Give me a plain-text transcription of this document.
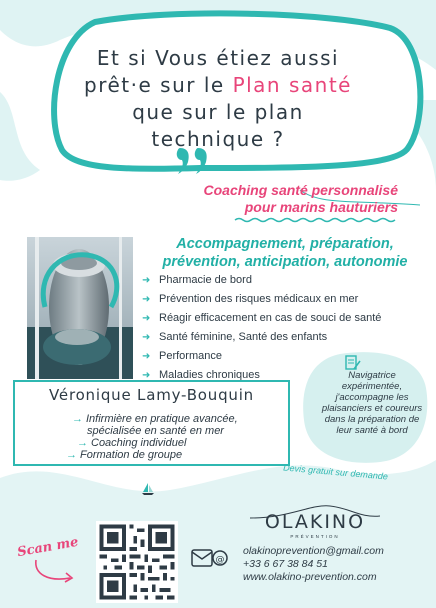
Et si Vous étiez aussi
prêt·e sur le Plan santé
que sur le plan
technique ?
Coaching santé personnalisé
pour marins hauturiers
Accompagnement, préparation,
prévention, anticipation, autonomie
➜ Pharmacie de bord
➜ Prévention des risques médicaux en mer
➜ Réagir efficacement en cas de souci de santé
➜ Santé féminine, Santé des enfants
➜ Performance
➜ Maladies chroniques
Véronique Lamy-Bouquin
→ Infirmière en pratique avancée,
spécialisée en santé en mer
→ Coaching individuel
→ Formation de groupe
Navigatrice
expérimentée,
j'accompagne les
plaisanciers et coureurs
dans la préparation de
leur santé à bord
Devis gratuit sur demande
OLAKINO
PRÉVENTION
Scan me	@
olakinoprevention@gmail.com
+33 6 67 38 84 51
www.olakino-prevention.com
